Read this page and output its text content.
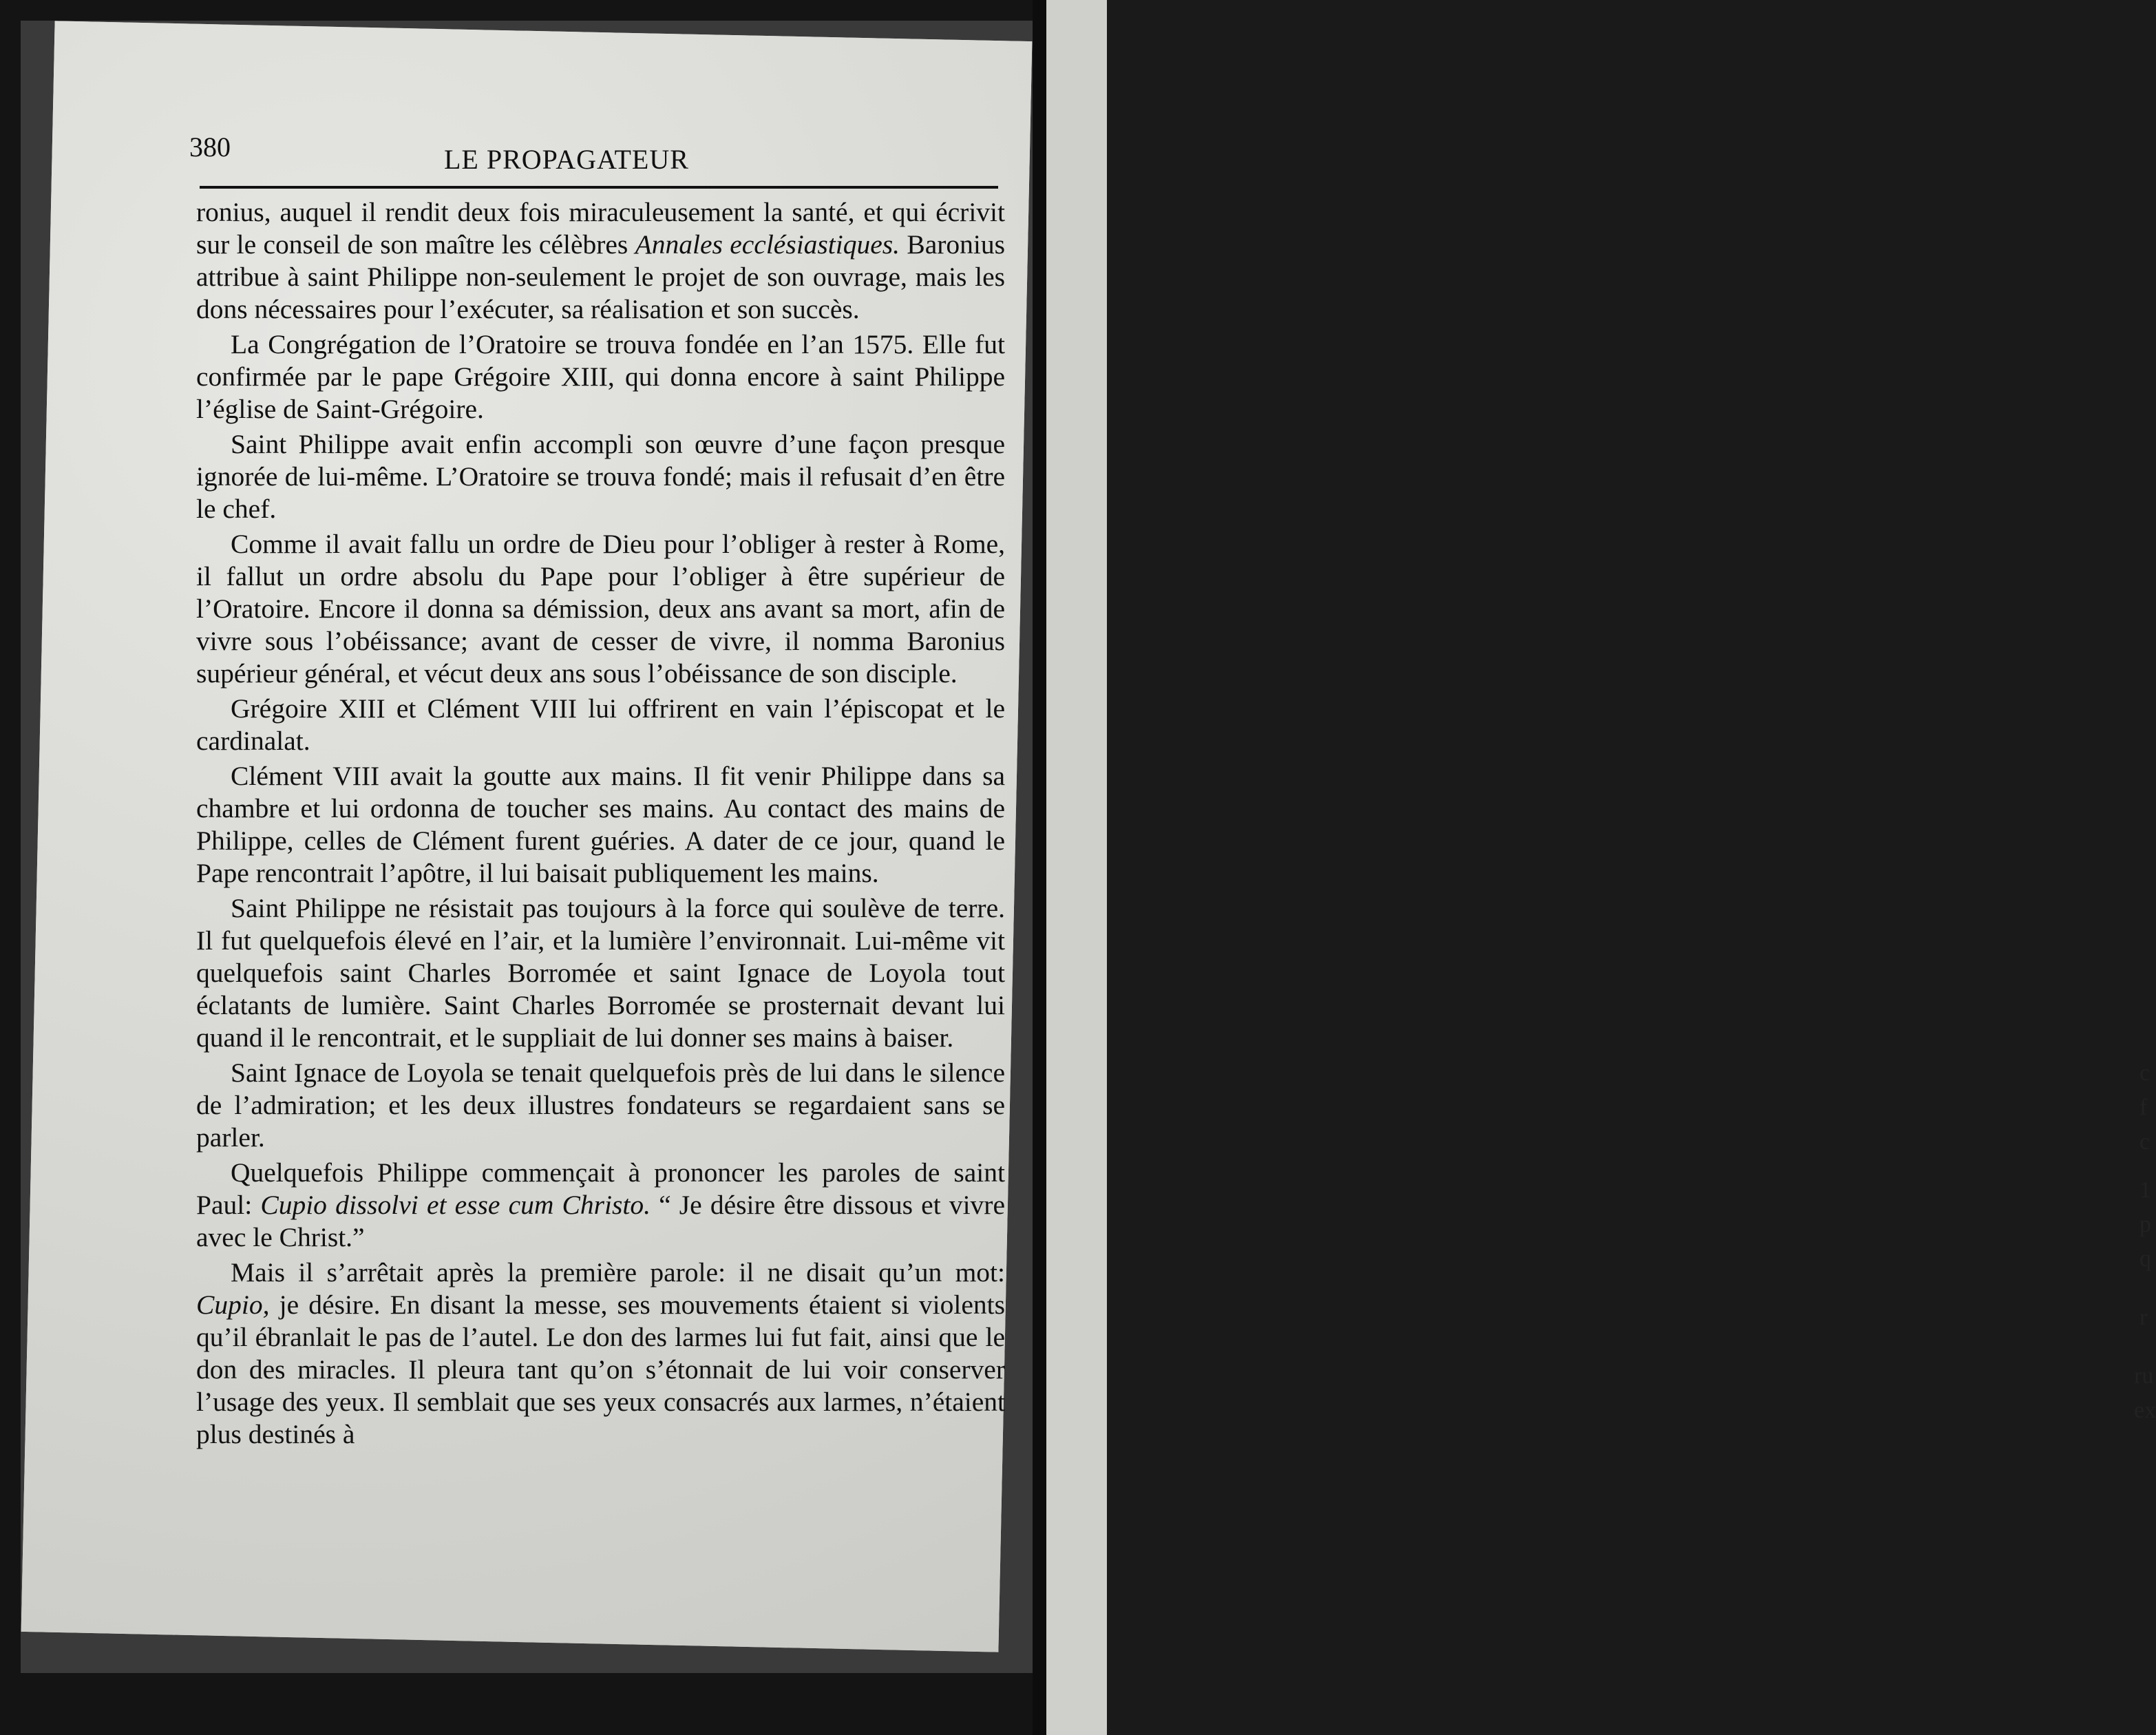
c
f
c
1
p
q
r
ru
ex
380	LE PROPAGATEUR

ronius, auquel il rendit deux fois miraculeusement la santé, et qui écrivit sur le conseil de son maître les célèbres Annales ecclésiastiques. Baronius attribue à saint Philippe non-seulement le projet de son ouvrage, mais les dons nécessaires pour l’exécuter, sa réalisation et son succès.

La Congrégation de l’Oratoire se trouva fondée en l’an 1575. Elle fut confirmée par le pape Grégoire XIII, qui donna encore à saint Philippe l’église de Saint-Grégoire.

Saint Philippe avait enfin accompli son œuvre d’une façon presque ignorée de lui-même. L’Oratoire se trouva fondé; mais il refusait d’en être le chef.

Comme il avait fallu un ordre de Dieu pour l’obliger à rester à Rome, il fallut un ordre absolu du Pape pour l’obliger à être supérieur de l’Oratoire. Encore il donna sa démission, deux ans avant sa mort, afin de vivre sous l’obéissance; avant de cesser de vivre, il nomma Baronius supérieur général, et vécut deux ans sous l’obéissance de son disciple.

Grégoire XIII et Clément VIII lui offrirent en vain l’épiscopat et le cardinalat.

Clément VIII avait la goutte aux mains. Il fit venir Philippe dans sa chambre et lui ordonna de toucher ses mains. Au contact des mains de Philippe, celles de Clément furent guéries. A dater de ce jour, quand le Pape rencontrait l’apôtre, il lui baisait publiquement les mains.

Saint Philippe ne résistait pas toujours à la force qui soulève de terre. Il fut quelquefois élevé en l’air, et la lumière l’environnait. Lui-même vit quelquefois saint Charles Borromée et saint Ignace de Loyola tout éclatants de lumière. Saint Charles Borromée se prosternait devant lui quand il le rencontrait, et le suppliait de lui donner ses mains à baiser.

Saint Ignace de Loyola se tenait quelquefois près de lui dans le silence de l’admiration; et les deux illustres fondateurs se regardaient sans se parler.

Quelquefois Philippe commençait à prononcer les paroles de saint Paul: Cupio dissolvi et esse cum Christo. “ Je désire être dissous et vivre avec le Christ.”

Mais il s’arrêtait après la première parole: il ne disait qu’un mot: Cupio, je désire. En disant la messe, ses mouvements étaient si violents qu’il ébranlait le pas de l’autel. Le don des larmes lui fut fait, ainsi que le don des miracles. Il pleura tant qu’on s’étonnait de lui voir conserver l’usage des yeux. Il semblait que ses yeux consacrés aux larmes, n’étaient plus destinés à
